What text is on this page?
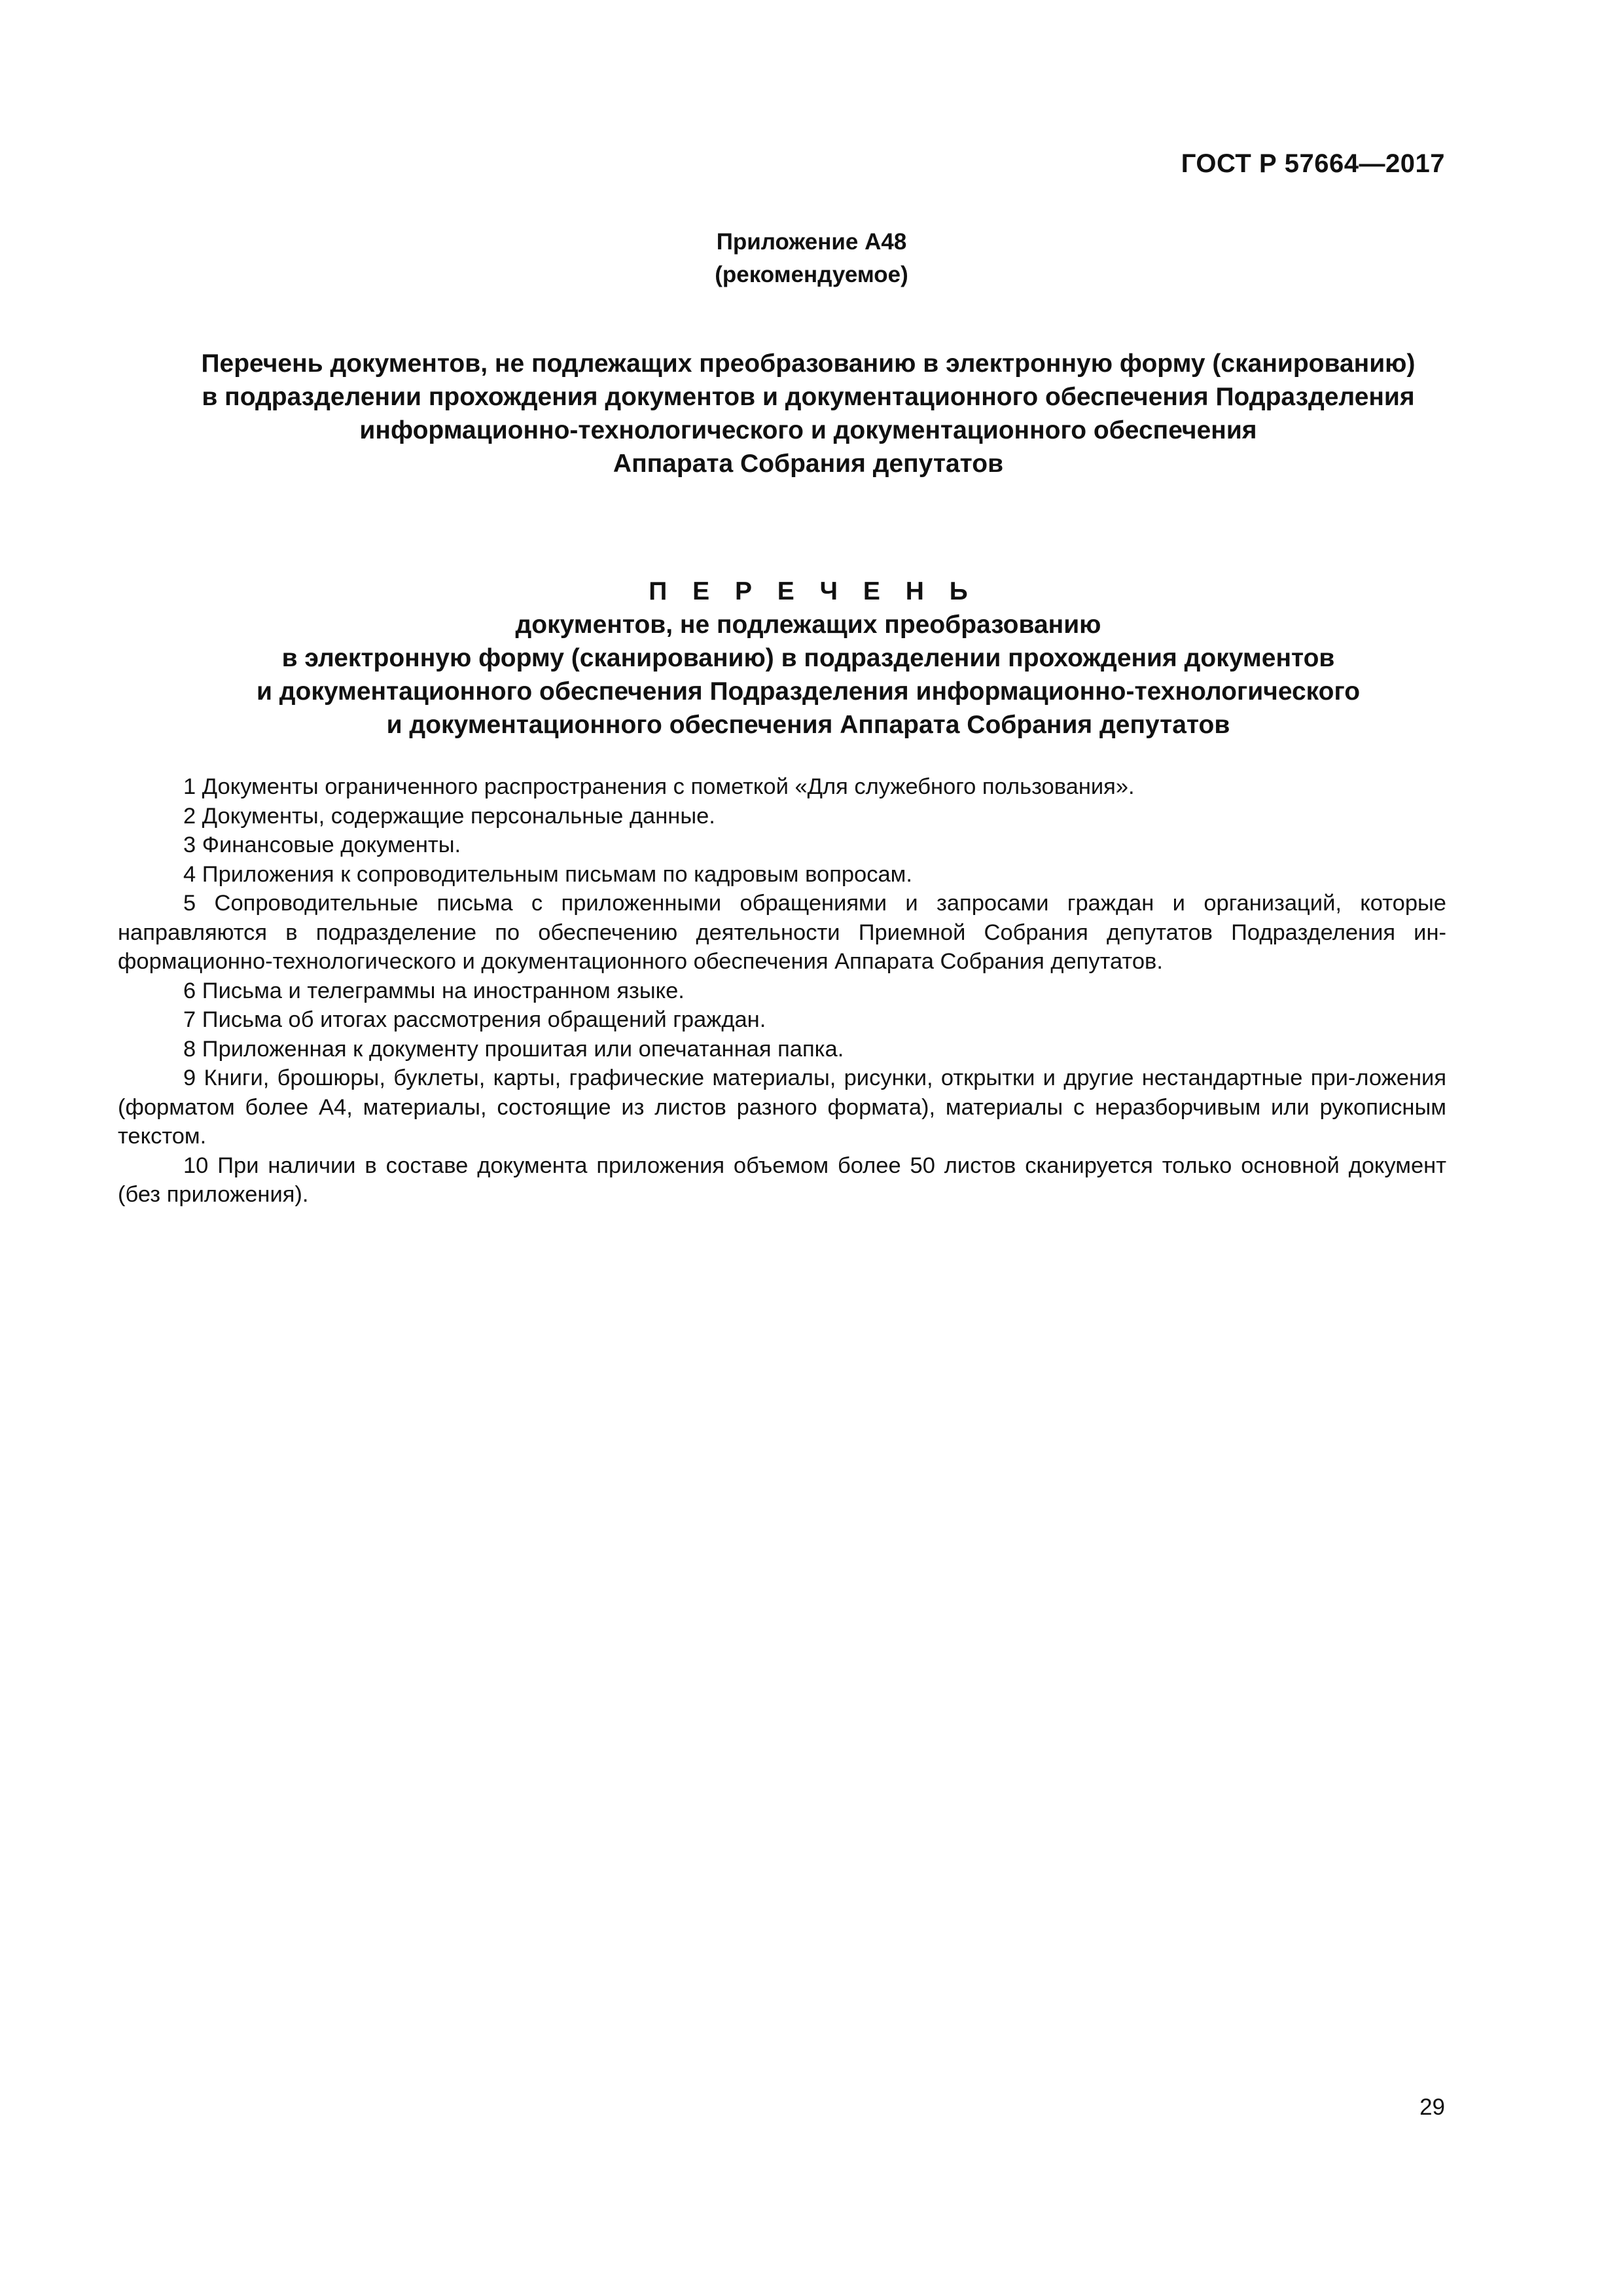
ГОСТ Р 57664—2017
Приложение А48
(рекомендуемое)
Перечень документов, не подлежащих преобразованию в электронную форму (сканированию)
в подразделении прохождения документов и документационного обеспечения Подразделения
информационно-технологического и документационного обеспечения
Аппарата Собрания депутатов
П Е Р Е Ч Е Н Ь
документов, не подлежащих преобразованию
в электронную форму (сканированию) в подразделении прохождения документов
и документационного обеспечения Подразделения информационно-технологического
и документационного обеспечения Аппарата Собрания депутатов

1 Документы ограниченного распространения с пометкой «Для служебного пользования».

2 Документы, содержащие персональные данные.

3 Финансовые документы.

4 Приложения к сопроводительным письмам по кадровым вопросам.

5 Сопроводительные письма с приложенными обращениями и запросами граждан и организаций, которые направляются в подразделение по обеспечению деятельности Приемной Собрания депутатов Подразделения ин-формационно-технологического и документационного обеспечения Аппарата Собрания депутатов.

6 Письма и телеграммы на иностранном языке.

7 Письма об итогах рассмотрения обращений граждан.

8 Приложенная к документу прошитая или опечатанная папка.

9 Книги, брошюры, буклеты, карты, графические материалы, рисунки, открытки и другие нестандартные при-ложения (форматом более А4, материалы, состоящие из листов разного формата), материалы с неразборчивым или рукописным текстом.

10 При наличии в составе документа приложения объемом более 50 листов сканируется только основной документ (без приложения).

29
